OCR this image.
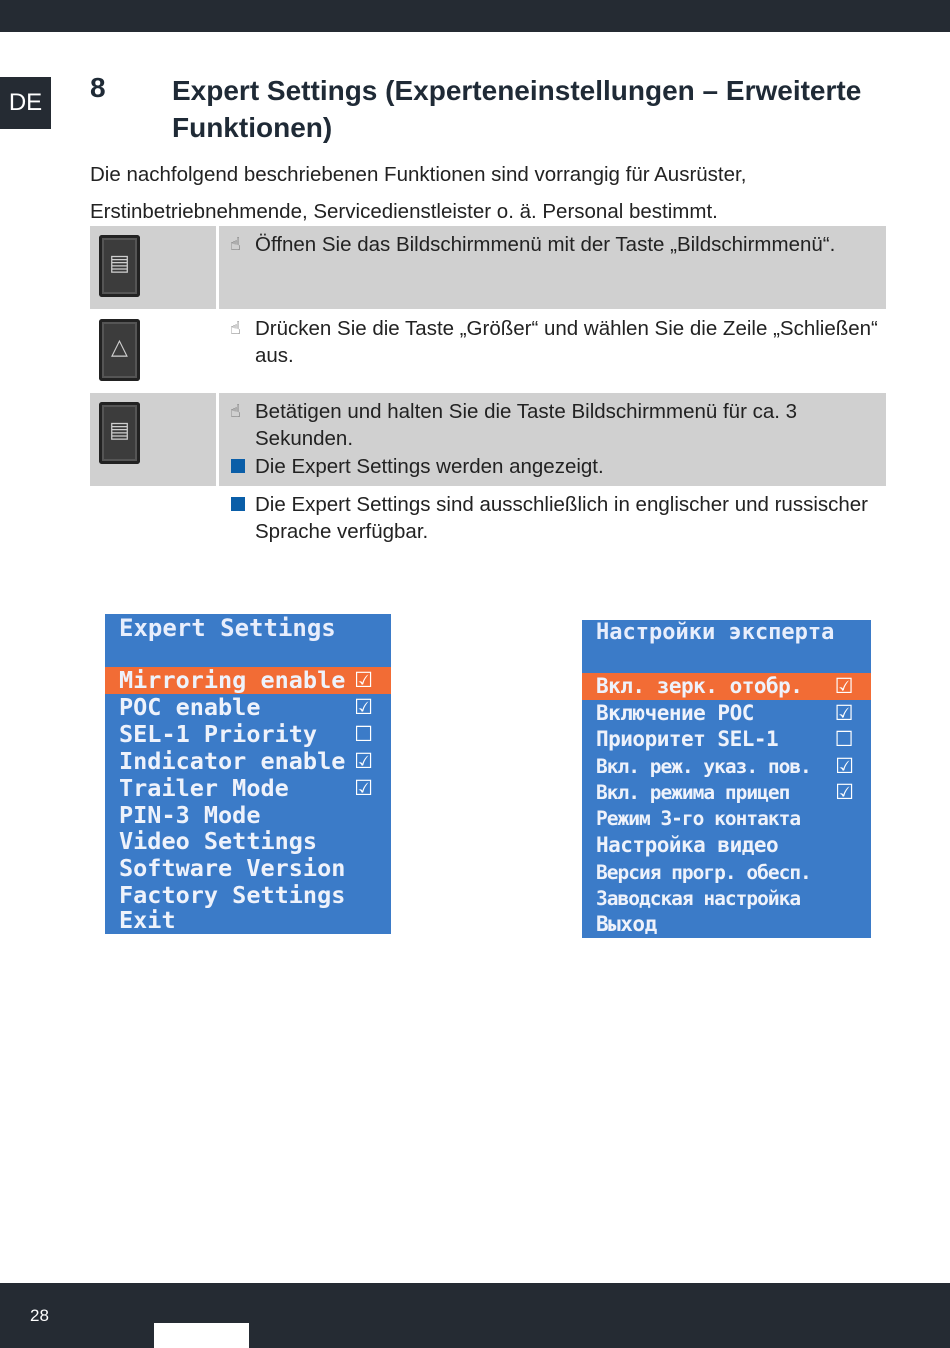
DE	8 Expert Settings (Experteneinstellungen – Erweiterte Funktionen)
Die nachfolgend beschriebenen Funktionen sind vorrangig für Ausrüster, Erstinbetriebnehmende, Servicedienstleister o. ä. Personal bestimmt.
▤
☝ Öffnen Sie das Bildschirmmenü mit der Taste „Bildschirmmenü“.
△
☝ Drücken Sie die Taste „Größer“ und wählen Sie die Zeile „Schließen“ aus.
▤
☝ Betätigen und halten Sie die Taste Bildschirmmenü für ca. 3 Sekunden.
Die Expert Settings werden angezeigt.
Die Expert Settings sind ausschließlich in englischer und russischer Sprache verfügbar.
Expert Settings
Mirroring enable ☑
POC enable	☑
SEL-1 Priority ☐
Indicator enable ☑
Trailer Mode	☑
PIN-3 Mode
Video Settings
Software Version
Factory Settings
Exit
Настройки эксперта
Вкл. зерк. отобр. ☑
Включение POC	☑
Приоритет SEL-1	☐
Вкл. реж. указ. пов. ☑
Вкл. режима прицеп ☑
Режим 3-го контакта
Настройка видео
Версия прогр. обесп.
Заводская настройка
Выход
28
